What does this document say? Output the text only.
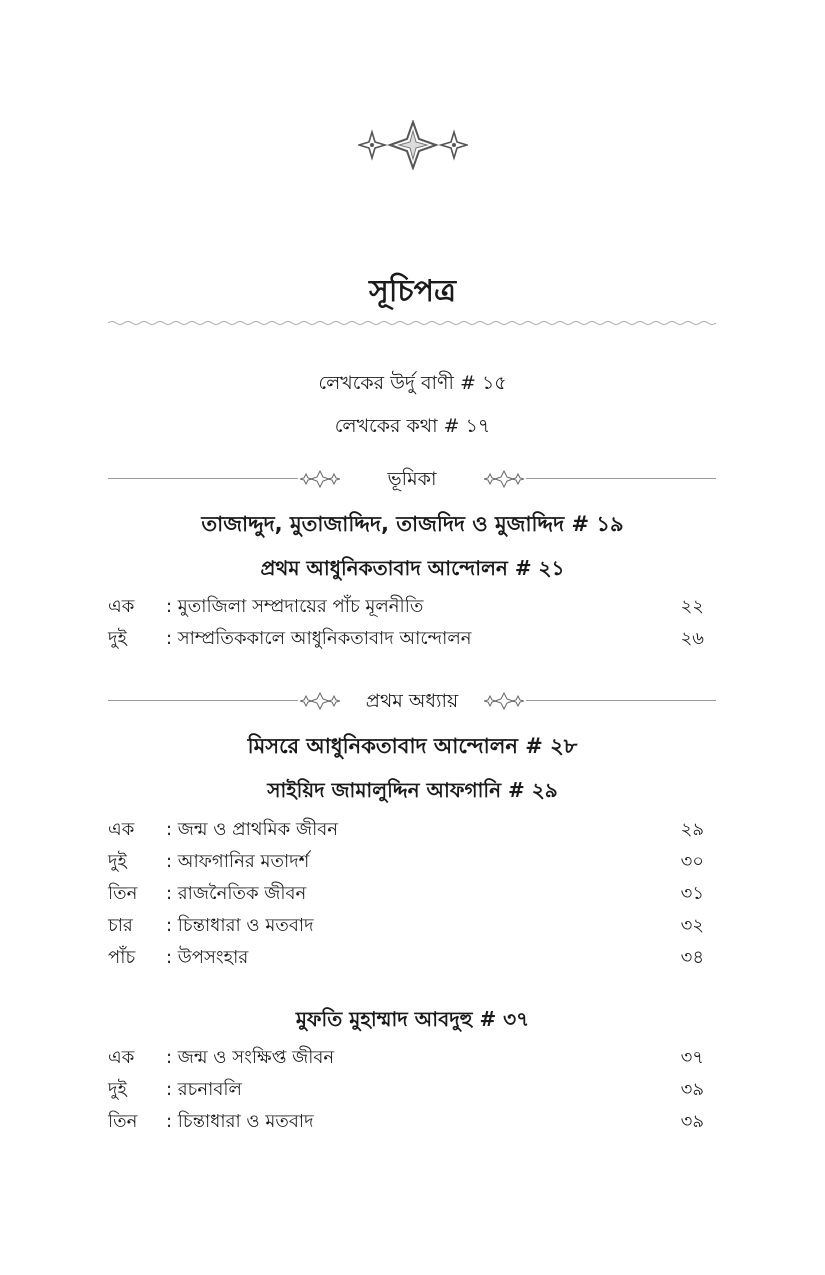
সূচিপত্র
লেখকের উর্দু বাণী # ১৫
লেখকের কথা # ১৭
ভূমিকা
তাজাদ্দুদ, মুতাজাদ্দিদ, তাজদিদ ও মুজাদ্দিদ # ১৯
প্রথম আধুনিকতাবাদ আন্দোলন # ২১
এক : মুতাজিলা সম্প্রদায়ের পাঁচ মূলনীতি	২২
দুই : সাম্প্রতিককালে আধুনিকতাবাদ আন্দোলন	২৬
প্রথম অধ্যায়
মিসরে আধুনিকতাবাদ আন্দোলন # ২৮
সাইয়িদ জামালুদ্দিন আফগানি # ২৯
এক : জন্ম ও প্রাথমিক জীবন	২৯
দুই : আফগানির মতাদর্শ	৩০
তিন : রাজনৈতিক জীবন	৩১
চার : চিন্তাধারা ও মতবাদ	৩২
পাঁচ : উপসংহার	৩৪
মুফতি মুহাম্মাদ আবদুহু # ৩৭
এক : জন্ম ও সংক্ষিপ্ত জীবন	৩৭
দুই : রচনাবলি	৩৯
তিন : চিন্তাধারা ও মতবাদ	৩৯
